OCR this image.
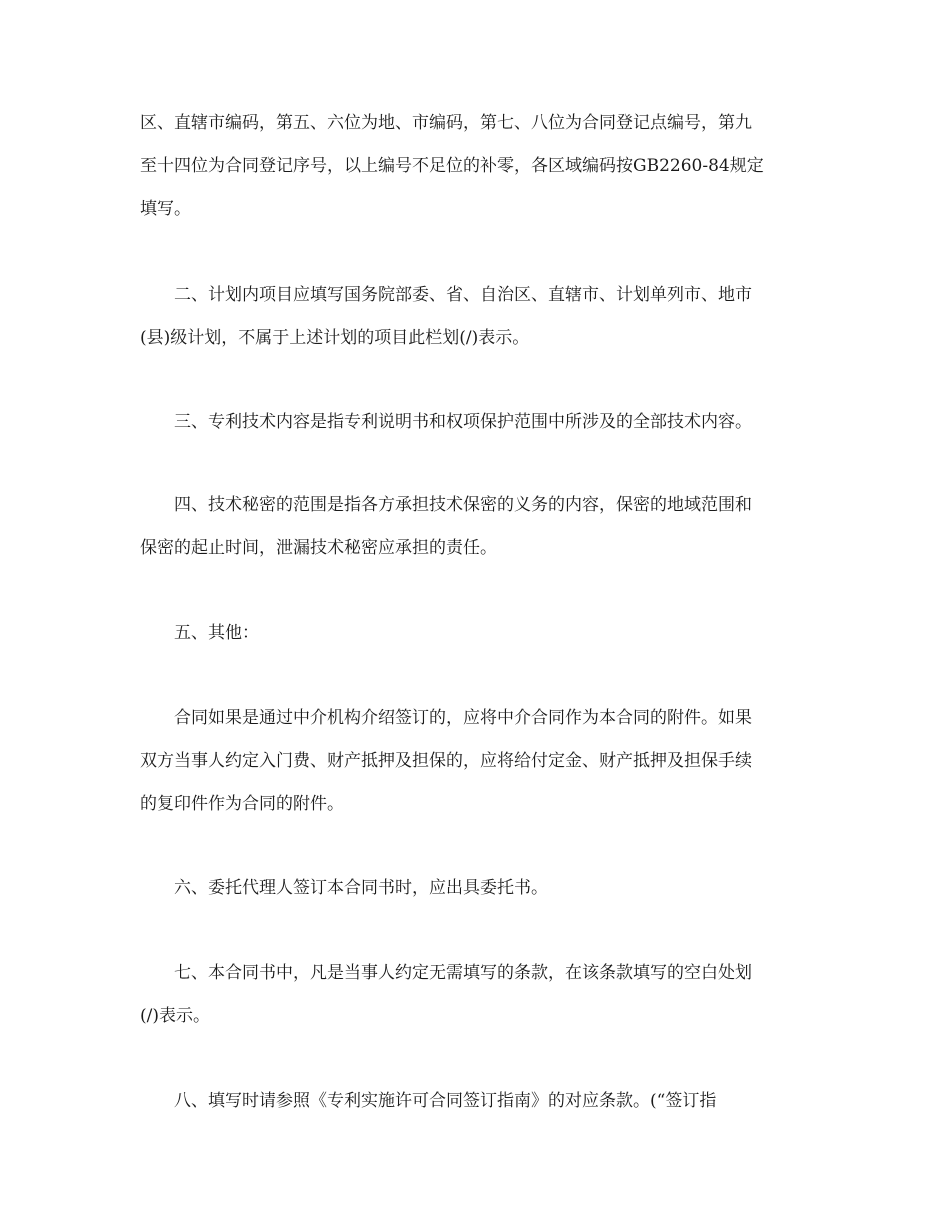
区、直辖市编码，第五、六位为地、市编码，第七、八位为合同登记点编号，第九
至十四位为合同登记序号，以上编号不足位的补零，各区域编码按GB2260-84规定
填写。

二、计划内项目应填写国务院部委、省、自治区、直辖市、计划单列市、地市
(县)级计划，不属于上述计划的项目此栏划(/)表示。

三、专利技术内容是指专利说明书和权项保护范围中所涉及的全部技术内容。

四、技术秘密的范围是指各方承担技术保密的义务的内容，保密的地域范围和
保密的起止时间，泄漏技术秘密应承担的责任。

五、其他：

合同如果是通过中介机构介绍签订的，应将中介合同作为本合同的附件。如果
双方当事人约定入门费、财产抵押及担保的，应将给付定金、财产抵押及担保手续
的复印件作为合同的附件。

六、委托代理人签订本合同书时，应出具委托书。

七、本合同书中，凡是当事人约定无需填写的条款，在该条款填写的空白处划
(/)表示。

八、填写时请参照《专利实施许可合同签订指南》的对应条款。(“签订指
